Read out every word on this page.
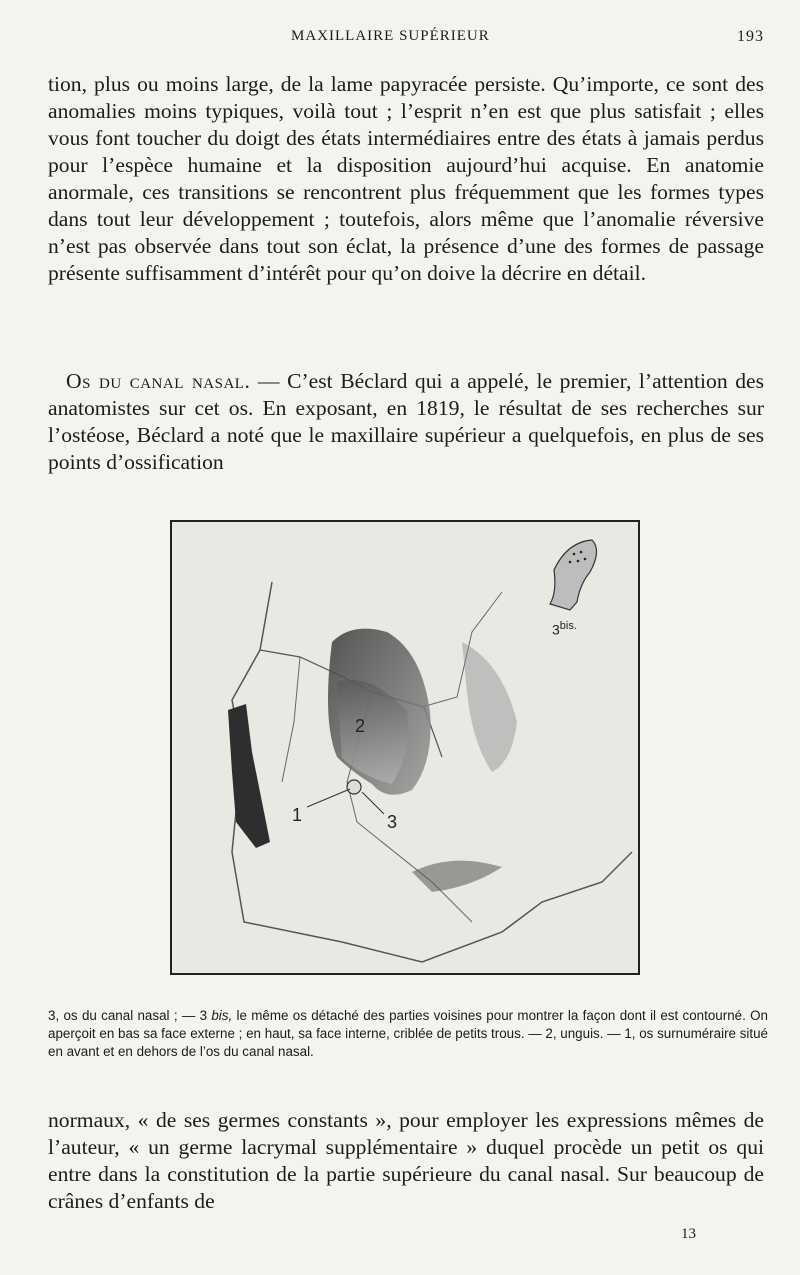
MAXILLAIRE SUPÉRIEUR	193
tion, plus ou moins large, de la lame papyracée persiste. Qu’importe, ce sont des anomalies moins typiques, voilà tout ; l’esprit n’en est que plus satisfait ; elles vous font toucher du doigt des états intermédiaires entre des états à jamais perdus pour l’espèce humaine et la disposition aujourd’hui acquise. En anatomie anormale, ces transitions se rencontrent plus fréquemment que les formes types dans tout leur développement ; toutefois, alors même que l’anomalie réversive n’est pas observée dans tout son éclat, la présence d’une des formes de passage présente suffisamment d’intérêt pour qu’on doive la décrire en détail.
Os du canal nasal. — C’est Béclard qui a appelé, le premier, l’attention des anatomistes sur cet os. En exposant, en 1819, le résultat de ses recherches sur l’ostéose, Béclard a noté que le maxillaire supérieur a quelquefois, en plus de ses points d’ossification
1
2
3
$3^{bis.}$
3, os du canal nasal ; — 3 bis, le même os détaché des parties voisines pour montrer la façon dont il est contourné. On aperçoit en bas sa face externe ; en haut, sa face interne, criblée de petits trous. — 2, unguis. — 1, os surnuméraire situé en avant et en dehors de l’os du canal nasal.
normaux, « de ses germes constants », pour employer les expressions mêmes de l’auteur, « un germe lacrymal supplémentaire » duquel procède un petit os qui entre dans la constitution de la partie supérieure du canal nasal. Sur beaucoup de crânes d’enfants de
13
